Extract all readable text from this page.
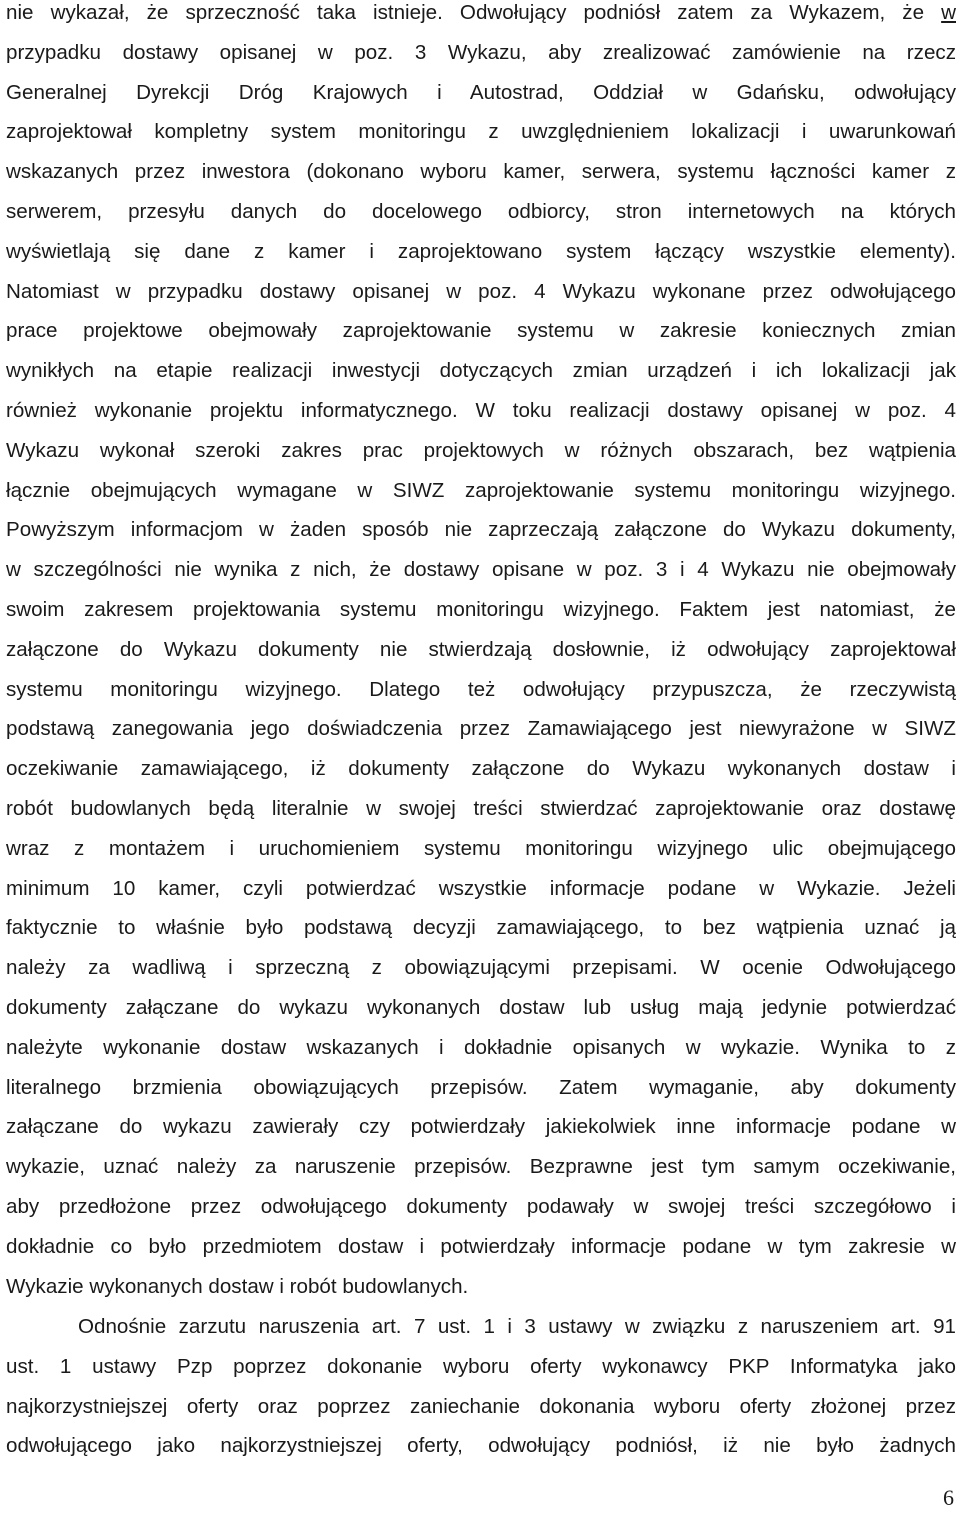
nie wykazał, że sprzeczność taka istnieje. Odwołujący podniósł zatem za Wykazem, że w
przypadku dostawy opisanej w poz. 3 Wykazu, aby zrealizować zamówienie na rzecz
Generalnej Dyrekcji Dróg Krajowych i Autostrad, Oddział w Gdańsku, odwołujący
zaprojektował kompletny system monitoringu z uwzględnieniem lokalizacji i uwarunkowań
wskazanych przez inwestora (dokonano wyboru kamer, serwera, systemu łączności kamer z
serwerem, przesyłu danych do docelowego odbiorcy, stron internetowych na których
wyświetlają się dane z kamer i zaprojektowano system łączący wszystkie elementy).
Natomiast w przypadku dostawy opisanej w poz. 4 Wykazu wykonane przez odwołującego
prace projektowe obejmowały zaprojektowanie systemu w zakresie koniecznych zmian
wynikłych na etapie realizacji inwestycji dotyczących zmian urządzeń i ich lokalizacji jak
również wykonanie projektu informatycznego. W toku realizacji dostawy opisanej w poz. 4
Wykazu wykonał szeroki zakres prac projektowych w różnych obszarach, bez wątpienia
łącznie obejmujących wymagane w SIWZ zaprojektowanie systemu monitoringu wizyjnego.
Powyższym informacjom w żaden sposób nie zaprzeczają załączone do Wykazu dokumenty,
w szczególności nie wynika z nich, że dostawy opisane w poz. 3 i 4 Wykazu nie obejmowały
swoim zakresem projektowania systemu monitoringu wizyjnego. Faktem jest natomiast, że
załączone do Wykazu dokumenty nie stwierdzają dosłownie, iż odwołujący zaprojektował
systemu monitoringu wizyjnego. Dlatego też odwołujący przypuszcza, że rzeczywistą
podstawą zanegowania jego doświadczenia przez Zamawiającego jest niewyrażone w SIWZ
oczekiwanie zamawiającego, iż dokumenty załączone do Wykazu wykonanych dostaw i
robót budowlanych będą literalnie w swojej treści stwierdzać zaprojektowanie oraz dostawę
wraz z montażem i uruchomieniem systemu monitoringu wizyjnego ulic obejmującego
minimum 10 kamer, czyli potwierdzać wszystkie informacje podane w Wykazie. Jeżeli
faktycznie to właśnie było podstawą decyzji zamawiającego, to bez wątpienia uznać ją
należy za wadliwą i sprzeczną z obowiązującymi przepisami. W ocenie Odwołującego
dokumenty załączane do wykazu wykonanych dostaw lub usług mają jedynie potwierdzać
należyte wykonanie dostaw wskazanych i dokładnie opisanych w wykazie. Wynika to z
literalnego brzmienia obowiązujących przepisów. Zatem wymaganie, aby dokumenty
załączane do wykazu zawierały czy potwierdzały jakiekolwiek inne informacje podane w
wykazie, uznać należy za naruszenie przepisów. Bezprawne jest tym samym oczekiwanie,
aby przedłożone przez odwołującego dokumenty podawały w swojej treści szczegółowo i
dokładnie co było przedmiotem dostaw i potwierdzały informacje podane w tym zakresie w
Wykazie wykonanych dostaw i robót budowlanych.
Odnośnie zarzutu naruszenia art. 7 ust. 1 i 3 ustawy w związku z naruszeniem art. 91
ust. 1 ustawy Pzp poprzez dokonanie wyboru oferty wykonawcy PKP Informatyka jako
najkorzystniejszej oferty oraz poprzez zaniechanie dokonania wyboru oferty złożonej przez
odwołującego jako najkorzystniejszej oferty, odwołujący podniósł, iż nie było żadnych
6
